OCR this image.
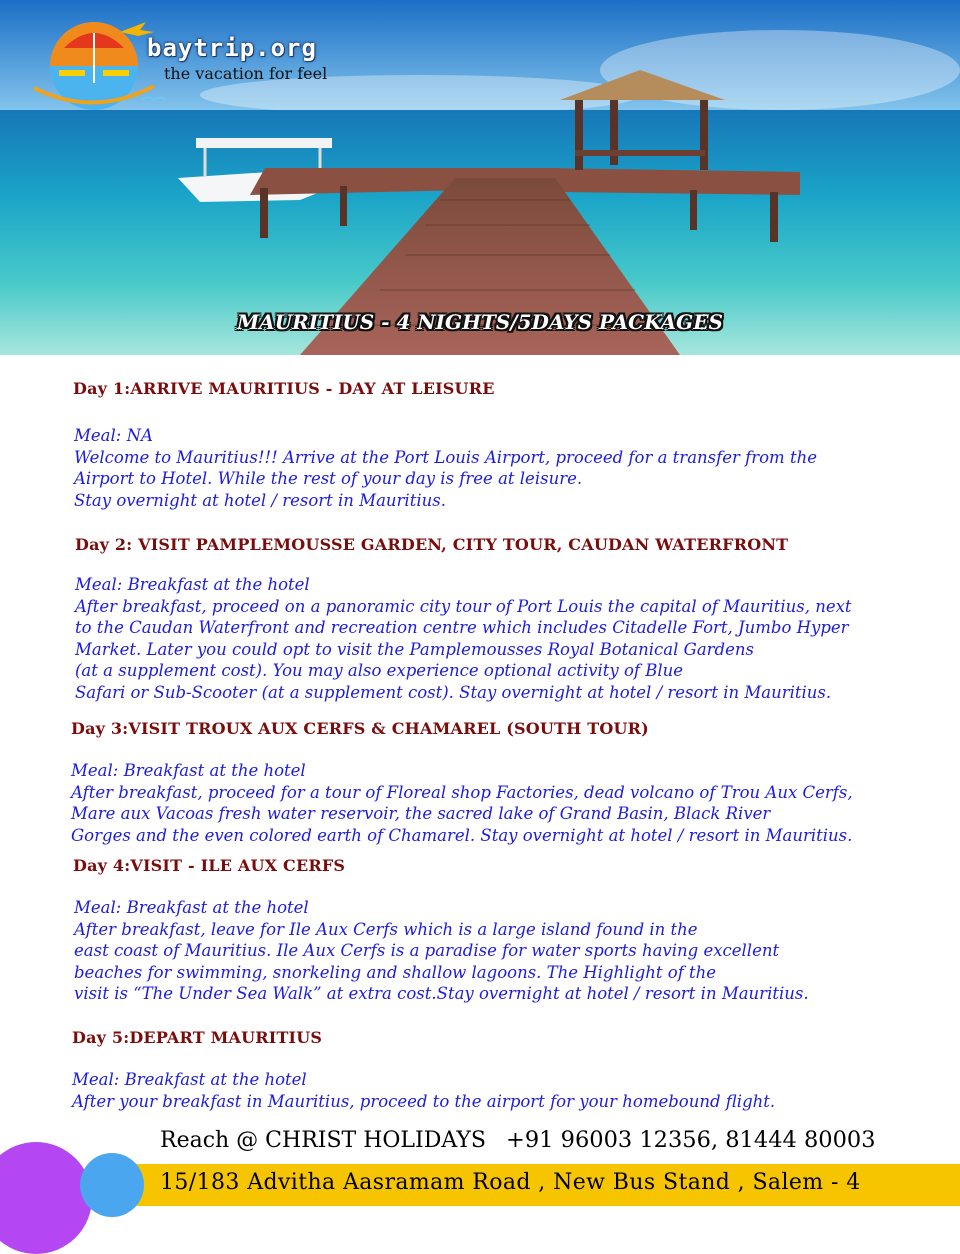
baytrip.org
the vacation for feel
MAURITIUS - 4 NIGHTS/5DAYS PACKAGES
Day 1:ARRIVE MAURITIUS - DAY AT LEISURE
Meal: NA
Welcome to Mauritius!!! Arrive at the Port Louis Airport, proceed for a transfer from the
Airport to Hotel. While the rest of your day is free at leisure.
Stay overnight at hotel / resort in Mauritius.
Day 2: VISIT PAMPLEMOUSSE GARDEN, CITY TOUR, CAUDAN WATERFRONT
Meal: Breakfast at the hotel
After breakfast, proceed on a panoramic city tour of Port Louis the capital of Mauritius, next
to the Caudan Waterfront and recreation centre which includes Citadelle Fort, Jumbo Hyper
Market. Later you could opt to visit the Pamplemousses Royal Botanical Gardens
(at a supplement cost). You may also experience optional activity of Blue
Safari or Sub-Scooter (at a supplement cost). Stay overnight at hotel / resort in Mauritius.
Day 3:VISIT TROUX AUX CERFS & CHAMAREL (SOUTH TOUR)
Meal: Breakfast at the hotel
After breakfast, proceed for a tour of Floreal shop Factories, dead volcano of Trou Aux Cerfs,
Mare aux Vacoas fresh water reservoir, the sacred lake of Grand Basin, Black River
Gorges and the even colored earth of Chamarel. Stay overnight at hotel / resort in Mauritius.
Day 4:VISIT - ILE AUX CERFS
Meal: Breakfast at the hotel
After breakfast, leave for Ile Aux Cerfs which is a large island found in the
east coast of Mauritius. Ile Aux Cerfs is a paradise for water sports having excellent
beaches for swimming, snorkeling and shallow lagoons. The Highlight of the
visit is “The Under Sea Walk” at extra cost.Stay overnight at hotel / resort in Mauritius.
Day 5:DEPART MAURITIUS
Meal: Breakfast at the hotel
After your breakfast in Mauritius, proceed to the airport for your homebound flight.
Reach @ CHRIST HOLIDAYS +91 96003 12356, 81444 80003
15/183 Advitha Aasramam Road , New Bus Stand , Salem - 4
